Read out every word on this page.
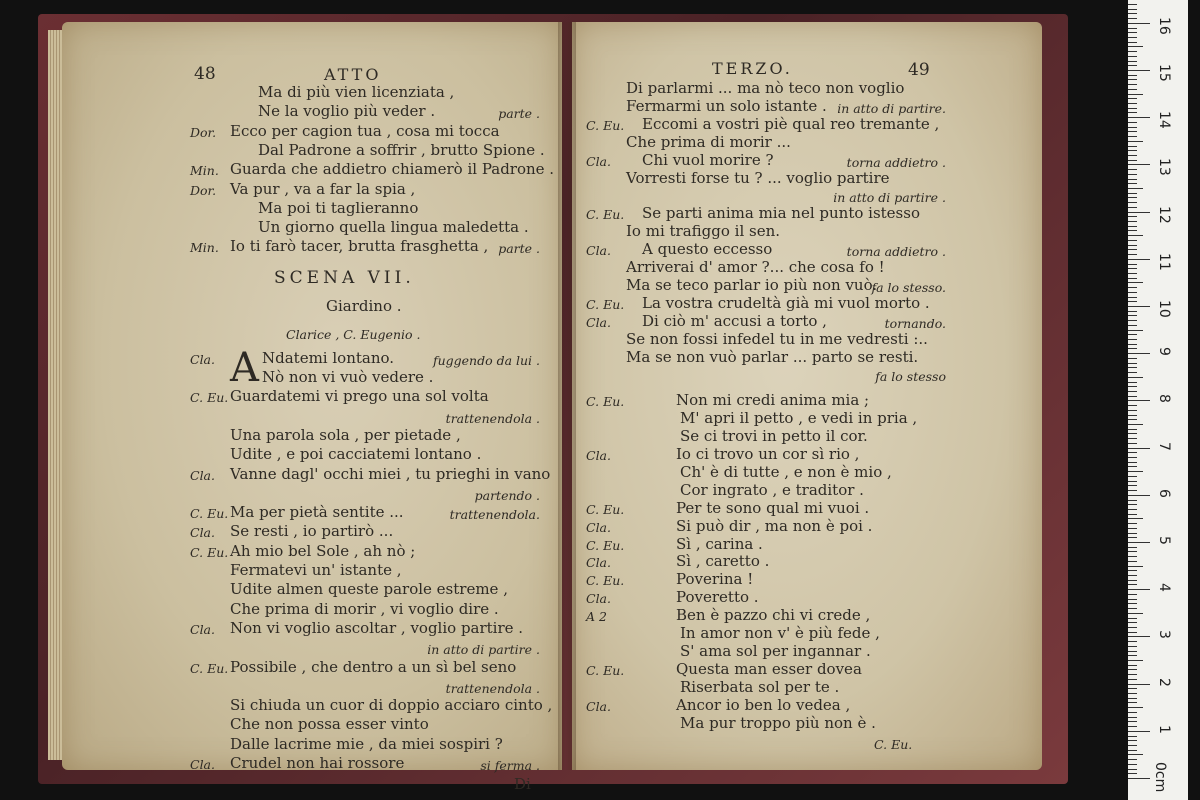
48	ATTO
Ma di più vien licenziata ,
Ne la voglio più veder .	parte .
Dor. Ecco per cagion tua , cosa mi tocca
Dal Padrone a soffrir , brutto Spione .
Min. Guarda che addietro chiamerò il Padrone .
Dor. Va pur , va a far la spia ,
Ma poi ti taglieranno
Un giorno quella lingua maledetta .
Min. Io ti farò tacer, brutta frasghetta , parte .
SCENA VII.
Giardino .
Clarice , C. Eugenio .
A
Cla.	Ndatemi lontano.	fuggendo da lui .
Nò non vi vuò vedere .
C. Eu. Guardatemi vi prego una sol volta
trattenendola .
Una parola sola , per pietade ,
Udite , e poi cacciatemi lontano .
Cla. Vanne dagl' occhi miei , tu prieghi in vano
partendo .
C. Eu. Ma per pietà sentite ...	trattenendola.
Cla. Se resti , io partirò ...
C. Eu. Ah mio bel Sole , ah nò ;
Fermatevi un' istante ,
Udite almen queste parole estreme ,
Che prima di morir , vi voglio dire .
Cla. Non vi voglio ascoltar , voglio partire .
in atto di partire .
C. Eu. Possibile , che dentro a un sì bel seno
trattenendola .
Si chiuda un cuor di doppio acciaro cinto ,
Che non possa esser vinto
Dalle lacrime mie , da miei sospiri ?
Cla. Crudel non hai rossore	si ferma .
Di
TERZO.	49
Di parlarmi ... ma nò teco non voglio
Fermarmi un solo istante . in atto di partire.
C. Eu. Eccomi a vostri piè qual reo tremante ,
Che prima di morir ...
Cla. Chi vuol morire ?	torna addietro .
Vorresti forse tu ? ... voglio partire
in atto di partire .
C. Eu. Se parti anima mia nel punto istesso
Io mi trafiggo il sen.
Cla. A questo eccesso	torna addietro .
Arriverai d' amor ?... che cosa fo !
Ma se teco parlar io più non vuò.
fa lo stesso.
C. Eu. La vostra crudeltà già mi vuol morto .
Cla. Di ciò m' accusi a torto ,	tornando.
Se non fossi infedel tu in me vedresti :..
Ma se non vuò parlar ... parto se resti.
fa lo stesso
C. Eu.	Non mi credi anima mia ;
M' apri il petto , e vedi in pria ,
Se ci trovi in petto il cor.
Cla.	Io ci trovo un cor sì rio ,
Ch' è di tutte , e non è mio ,
Cor ingrato , e traditor .
C. Eu.	Per te sono qual mi vuoi .
Cla.	Si può dir , ma non è poi .
C. Eu.	Sì , carina .
Cla.	Sì , caretto .
C. Eu.	Poverina !
Cla.	Poveretto .
A 2	Ben è pazzo chi vi crede ,
In amor non v' è più fede ,
S' ama sol per ingannar .
C. Eu.	Questa man esser dovea
Riserbata sol per te .
Cla.	Ancor io ben lo vedea ,
Ma pur troppo più non è .
C. Eu.
0cm
1
2
3
4
5
6
7
8
9
10
11
12
13
14
15
16
